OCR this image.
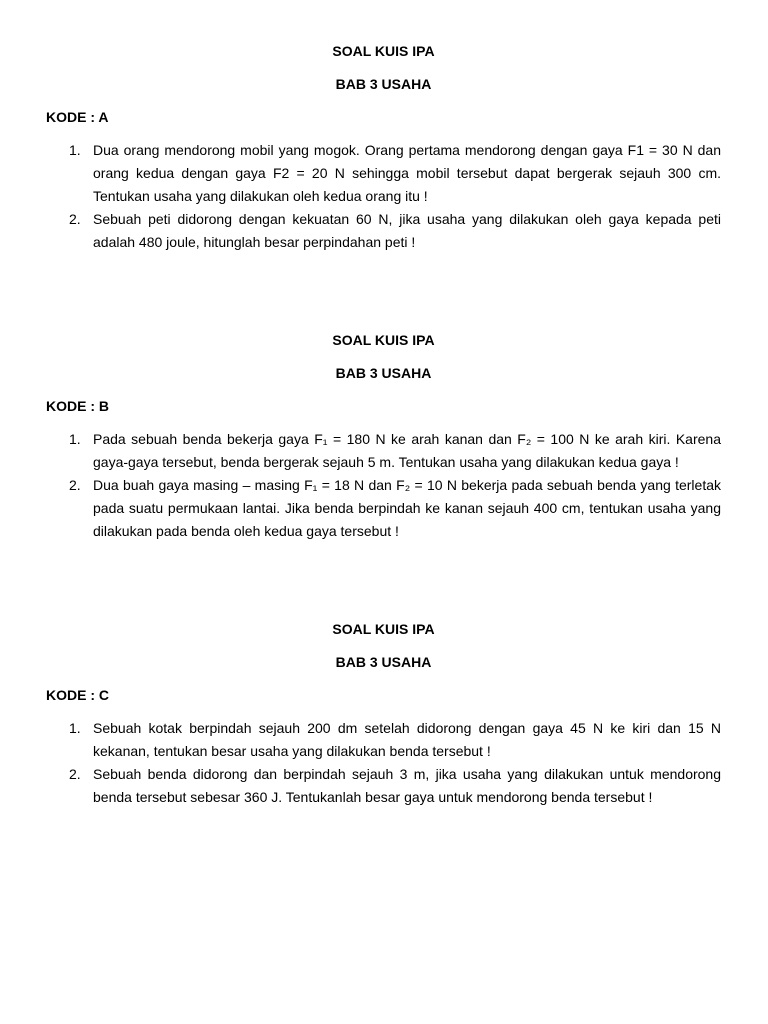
SOAL KUIS IPA

BAB 3 USAHA

KODE : A

1. Dua orang mendorong mobil yang mogok. Orang pertama mendorong dengan gaya F1 = 30 N dan orang kedua dengan gaya F2 = 20 N sehingga mobil tersebut dapat bergerak sejauh 300 cm. Tentukan usaha yang dilakukan oleh kedua orang itu !
2. Sebuah peti didorong dengan kekuatan 60 N, jika usaha yang dilakukan oleh gaya kepada peti adalah 480 joule, hitunglah besar perpindahan peti !

SOAL KUIS IPA

BAB 3 USAHA

KODE : B

1. Pada sebuah benda bekerja gaya F₁ = 180 N ke arah kanan dan F₂ = 100 N ke arah kiri. Karena gaya-gaya tersebut, benda bergerak sejauh 5 m. Tentukan usaha yang dilakukan kedua gaya !
2. Dua buah gaya masing – masing F₁ = 18 N dan F₂ = 10 N bekerja pada sebuah benda yang terletak pada suatu permukaan lantai. Jika benda berpindah ke kanan sejauh 400 cm, tentukan usaha yang dilakukan pada benda oleh kedua gaya tersebut !

SOAL KUIS IPA

BAB 3 USAHA

KODE : C

1. Sebuah kotak berpindah sejauh 200 dm setelah didorong dengan gaya 45 N ke kiri dan 15 N kekanan, tentukan besar usaha yang dilakukan benda tersebut !
2. Sebuah benda didorong dan berpindah sejauh 3 m, jika usaha yang dilakukan untuk mendorong benda tersebut sebesar 360 J. Tentukanlah besar gaya untuk mendorong benda tersebut !
